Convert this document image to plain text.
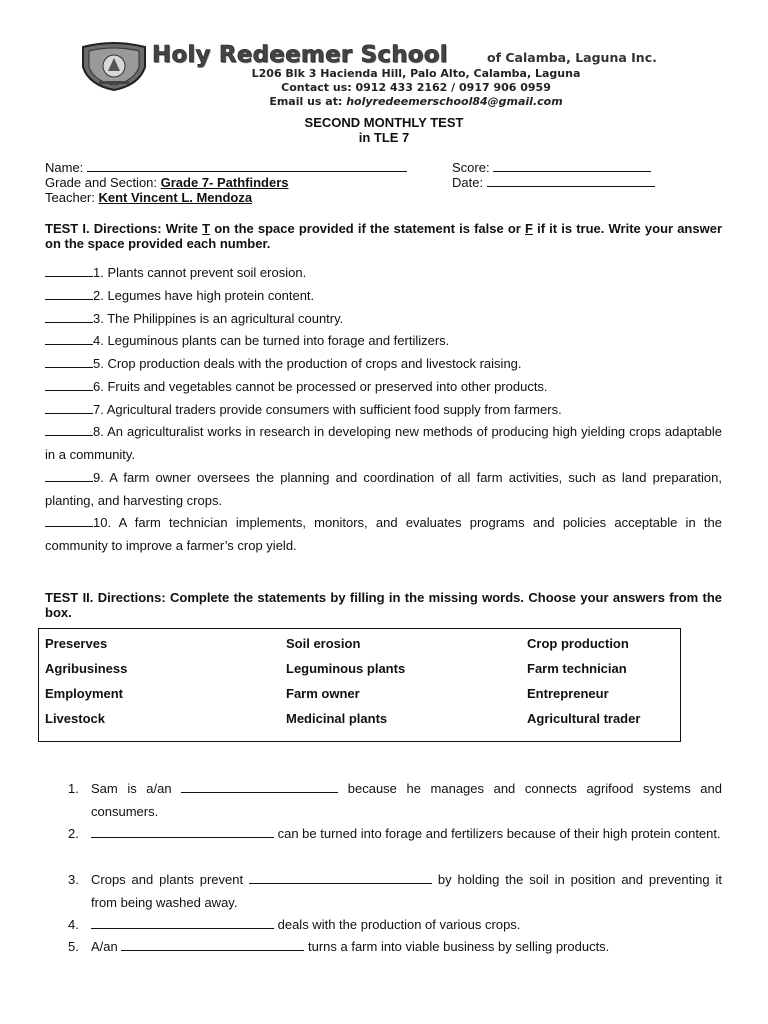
Holy Redeemer School	of Calamba, Laguna Inc.
L206 Blk 3 Hacienda Hill, Palo Alto, Calamba, Laguna
Contact us: 0912 433 2162 / 0917 906 0959
Email us at: holyredeemerschool84@gmail.com
SECOND MONTHLY TEST
in TLE 7
Name:
Grade and Section: Grade 7- Pathfinders
Teacher: Kent Vincent L. Mendoza
Score:
Date:
TEST I. Directions: Write T on the space provided if the statement is false or F if it is true. Write your answer on the space provided each number.
1. Plants cannot prevent soil erosion.
2. Legumes have high protein content.
3. The Philippines is an agricultural country.
4. Leguminous plants can be turned into forage and fertilizers.
5. Crop production deals with the production of crops and livestock raising.
6. Fruits and vegetables cannot be processed or preserved into other products.
7. Agricultural traders provide consumers with sufficient food supply from farmers.
8. An agriculturalist works in research in developing new methods of producing high yielding crops adaptable in a community.
9. A farm owner oversees the planning and coordination of all farm activities, such as land preparation, planting, and harvesting crops.
10. A farm technician implements, monitors, and evaluates programs and policies acceptable in the community to improve a farmer’s crop yield.
TEST II. Directions: Complete the statements by filling in the missing words. Choose your answers from the box.
Preserves	Soil erosion	Crop production
Agribusiness	Leguminous plants	Farm technician
Employment	Farm owner	Entrepreneur
Livestock	Medicinal plants	Agricultural trader
1. Sam is a/an	because he manages and connects agrifood systems and consumers.
2.	can be turned into forage and fertilizers because of their high protein content.
3. Crops and plants prevent	by holding the soil in position and preventing it from being washed away.
4.	deals with the production of various crops.
5. A/an	turns a farm into viable business by selling products.
